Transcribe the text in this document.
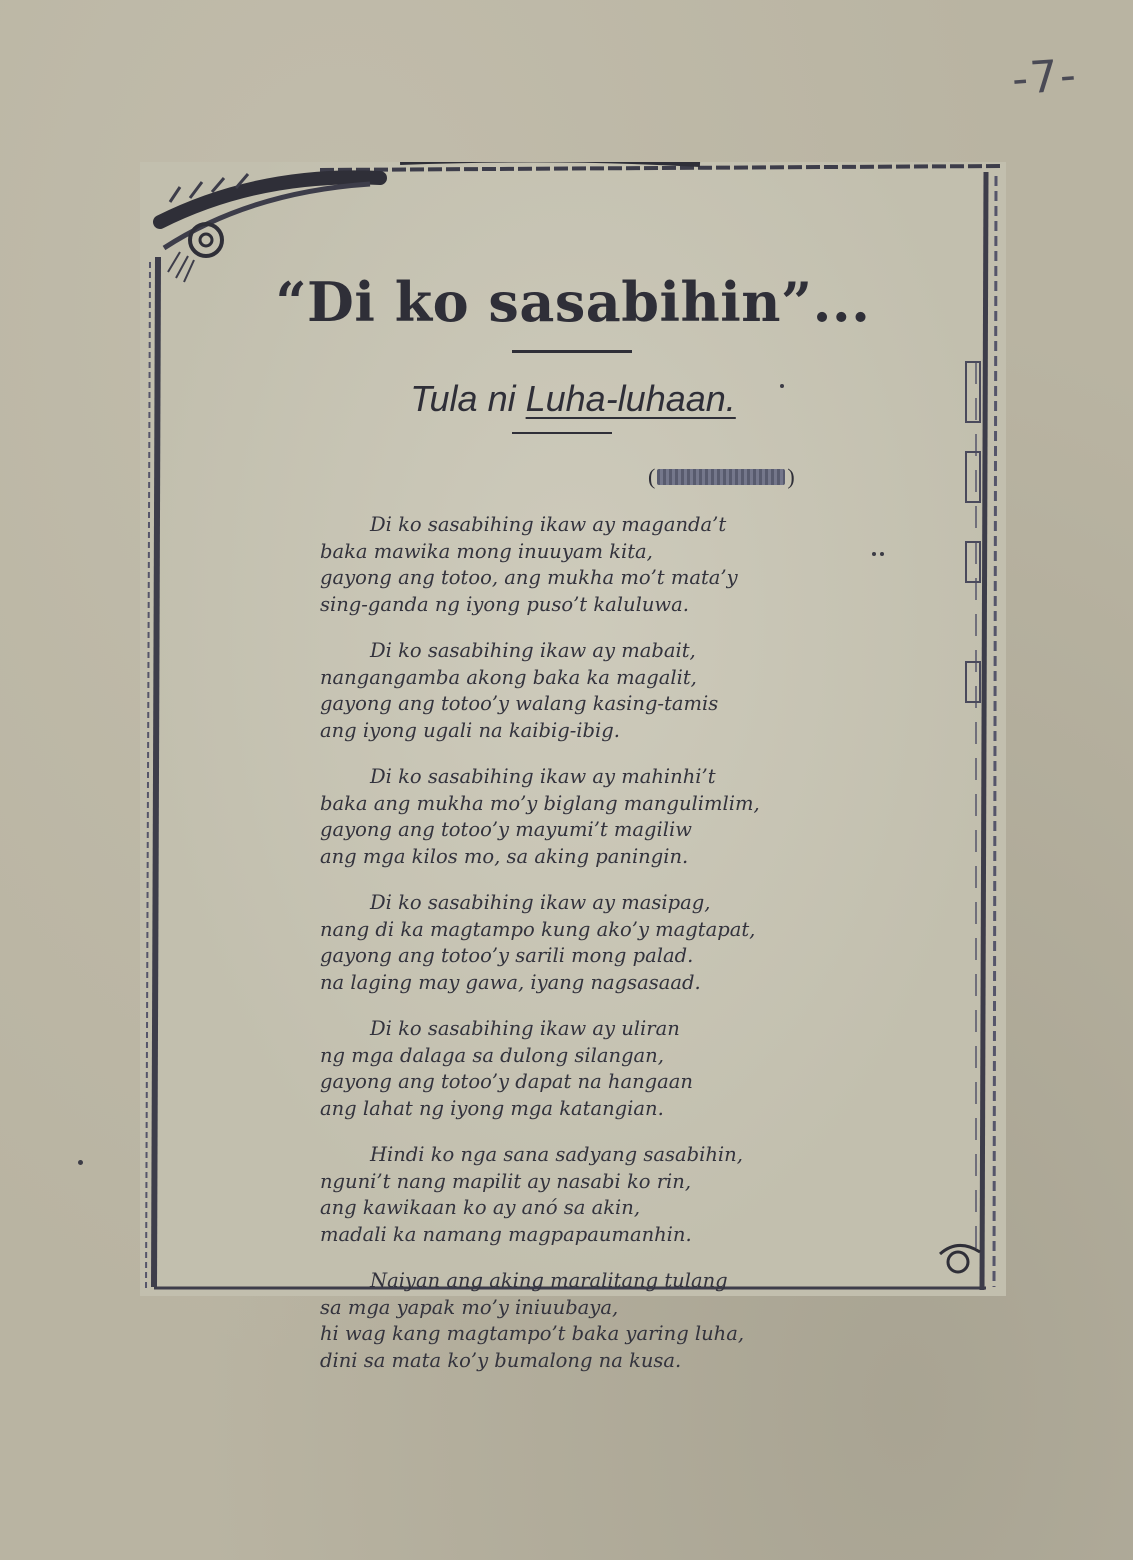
-7-
“Di ko sasabihin”...
Tula ni Luha-luhaan.
(	)
Di ko sasabihing ikaw ay maganda’t
baka mawika mong inuuyam kita,
gayong ang totoo, ang mukha mo’t mata’y
sing-ganda ng iyong puso’t kaluluwa.
Di ko sasabihing ikaw ay mabait,
nangangamba akong baka ka magalit,
gayong ang totoo’y walang kasing-tamis
ang iyong ugali na kaibig-ibig.
Di ko sasabihing ikaw ay mahinhi’t
baka ang mukha mo’y biglang mangulimlim,
gayong ang totoo’y mayumi’t magiliw
ang mga kilos mo, sa aking paningin.
Di ko sasabihing ikaw ay masipag,
nang di ka magtampo kung ako’y magtapat,
gayong ang totoo’y sarili mong palad.
na laging may gawa, iyang nagsasaad.
Di ko sasabihing ikaw ay uliran
ng mga dalaga sa dulong silangan,
gayong ang totoo’y dapat na hangaan
ang lahat ng iyong mga katangian.
Hindi ko nga sana sadyang sasabihin,
nguni’t nang mapilit ay nasabi ko rin,
ang kawikaan ko ay anó sa akin,
madali ka namang magpapaumanhin.
Naiyan ang aking maralitang tulang
sa mga yapak mo’y iniuubaya,
hi wag kang magtampo’t baka yaring luha,
dini sa mata ko’y bumalong na kusa.
